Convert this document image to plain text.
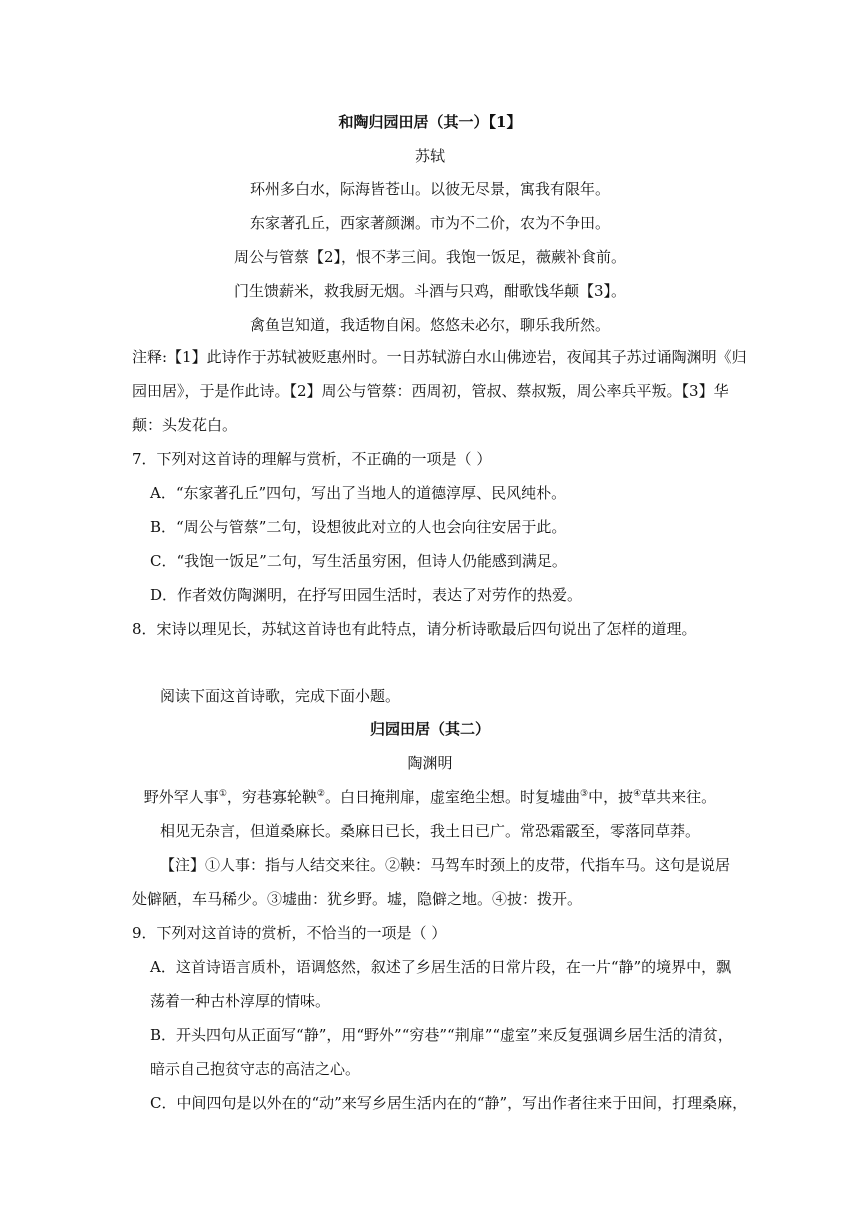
和陶归园田居（其一）【1】
苏轼
环州多白水，际海皆苍山。以彼无尽景，寓我有限年。
东家著孔丘，西家著颜渊。市为不二价，农为不争田。
周公与管蔡【2】，恨不茅三间。我饱一饭足，薇蕨补食前。
门生馈薪米，救我厨无烟。斗酒与只鸡，酣歌饯华颠【3】。
禽鱼岂知道，我适物自闲。悠悠未必尔，聊乐我所然。
注释:【1】此诗作于苏轼被贬惠州时。一日苏轼游白水山佛迹岩，夜闻其子苏过诵陶渊明《归
园田居》，于是作此诗。【2】周公与管蔡：西周初，管叔、蔡叔叛，周公率兵平叛。【3】华
颠：头发花白。
7．下列对这首诗的理解与赏析，不正确的一项是（ ）
A．“东家著孔丘”四句，写出了当地人的道德淳厚、民风纯朴。
B．“周公与管蔡”二句，设想彼此对立的人也会向往安居于此。
C．“我饱一饭足”二句，写生活虽穷困，但诗人仍能感到满足。
D．作者效仿陶渊明，在抒写田园生活时，表达了对劳作的热爱。
8．宋诗以理见长，苏轼这首诗也有此特点，请分析诗歌最后四句说出了怎样的道理。
阅读下面这首诗歌，完成下面小题。
归园田居（其二）
陶渊明
野外罕人事①，穷巷寡轮鞅②。白日掩荆扉，虚室绝尘想。时复墟曲③中，披④草共来往。
相见无杂言，但道桑麻长。桑麻日已长，我土日已广。常恐霜霰至，零落同草莽。
【注】①人事：指与人结交来往。②鞅：马驾车时颈上的皮带，代指车马。这句是说居
处僻陋，车马稀少。③墟曲：犹乡野。墟，隐僻之地。④披：拨开。
9．下列对这首诗的赏析，不恰当的一项是（ ）
A．这首诗语言质朴，语调悠然，叙述了乡居生活的日常片段，在一片“静”的境界中，飘
荡着一种古朴淳厚的情味。
B．开头四句从正面写“静”，用“野外”“穷巷”“荆扉”“虚室”来反复强调乡居生活的清贫，
暗示自己抱贫守志的高洁之心。
C．中间四句是以外在的“动”来写乡居生活内在的“静”，写出作者往来于田间，打理桑麻，
